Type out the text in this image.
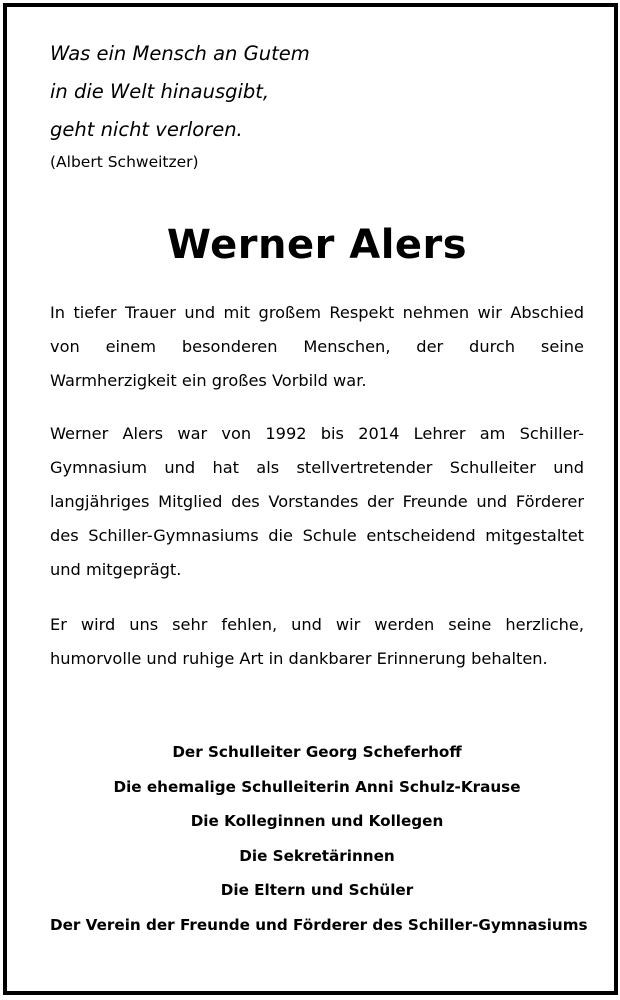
Was ein Mensch an Gutem
in die Welt hinausgibt,
geht nicht verloren.
(Albert Schweitzer)
Werner Alers

In tiefer Trauer und mit großem Respekt nehmen wir Abschied von einem besonderen Menschen, der durch seine Warmherzigkeit ein großes Vorbild war.

Werner Alers war von 1992 bis 2014 Lehrer am Schiller-Gymnasium und hat als stellvertretender Schulleiter und langjähriges Mitglied des Vorstandes der Freunde und Förderer des Schiller-Gymnasiums die Schule entscheidend mitgestaltet und mitgeprägt.

Er wird uns sehr fehlen, und wir werden seine herzliche, humorvolle und ruhige Art in dankbarer Erinnerung behalten.

Der Schulleiter Georg Scheferhoff
Die ehemalige Schulleiterin Anni Schulz-Krause
Die Kolleginnen und Kollegen
Die Sekretärinnen
Die Eltern und Schüler
Der Verein der Freunde und Förderer des Schiller-Gymnasiums
